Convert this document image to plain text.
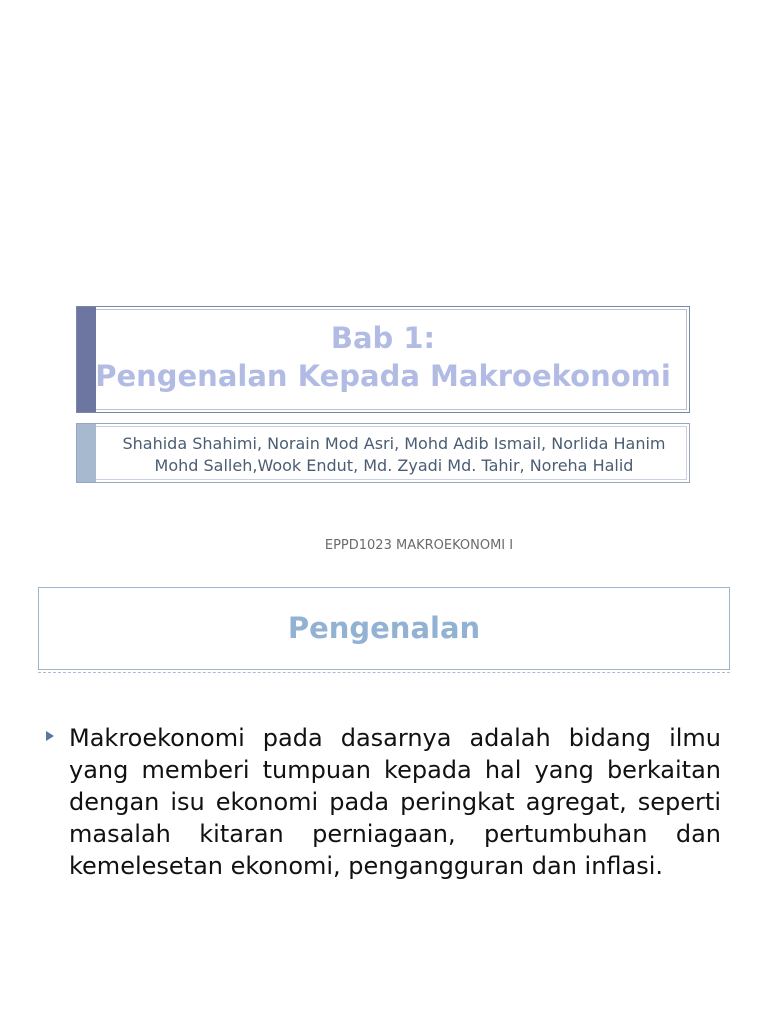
Bab 1:
Pengenalan Kepada Makroekonomi
Shahida Shahimi, Norain Mod Asri, Mohd Adib Ismail, Norlida Hanim Mohd Salleh,Wook Endut, Md. Zyadi Md. Tahir, Noreha Halid
EPPD1023 MAKROEKONOMI I
Pengenalan
Makroekonomi pada dasarnya adalah bidang ilmu yang memberi tumpuan kepada hal yang berkaitan dengan isu ekonomi pada peringkat agregat, seperti masalah kitaran perniagaan, pertumbuhan dan kemelesetan ekonomi, pengangguran dan inflasi.
